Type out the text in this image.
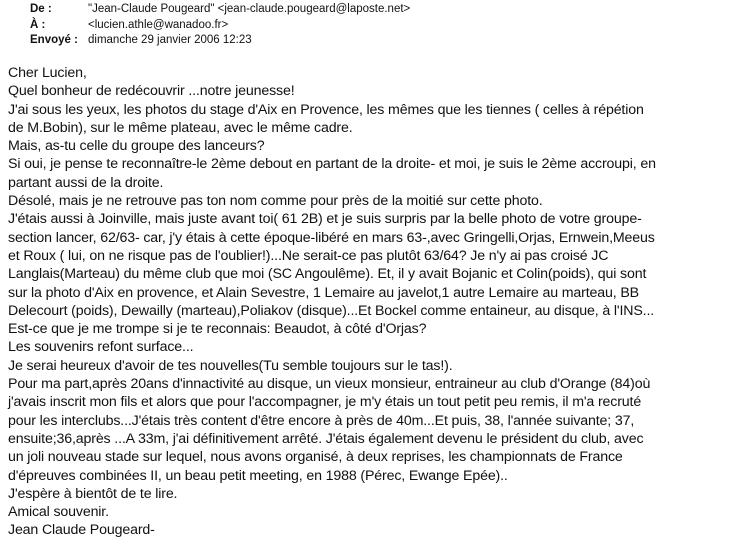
De :	"Jean-Claude Pougeard" <jean-claude.pougeard@laposte.net>
À :	<lucien.athle@wanadoo.fr>
Envoyé : dimanche 29 janvier 2006 12:23
Cher Lucien,
Quel bonheur de redécouvrir ...notre jeunesse!
J'ai sous les yeux, les photos du stage d'Aix en Provence, les mêmes que les tiennes ( celles à répétion
de M.Bobin), sur le même plateau, avec le même cadre.
Mais, as-tu celle du groupe des lanceurs?
Si oui, je pense te reconnaître-le 2ème debout en partant de la droite- et moi, je suis le 2ème accroupi, en
partant aussi de la droite.
Désolé, mais je ne retrouve pas ton nom comme pour près de la moitié sur cette photo.
J'étais aussi à Joinville, mais juste avant toi( 61 2B) et je suis surpris par la belle photo de votre groupe-
section lancer, 62/63- car, j'y étais à cette époque-libéré en mars 63-,avec Gringelli,Orjas, Ernwein,Meeus
et Roux ( lui, on ne risque pas de l'oublier!)...Ne serait-ce pas plutôt 63/64? Je n'y ai pas croisé JC
Langlais(Marteau) du même club que moi (SC Angoulême). Et, il y avait Bojanic et Colin(poids), qui sont
sur la photo d'Aix en provence, et Alain Sevestre, 1 Lemaire au javelot,1 autre Lemaire au marteau, BB
Delecourt (poids), Dewailly (marteau),Poliakov (disque)...Et Bockel comme entaineur, au disque, à l'INS...
Est-ce que je me trompe si je te reconnais: Beaudot, à côté d'Orjas?
Les souvenirs refont surface...
Je serai heureux d'avoir de tes nouvelles(Tu semble toujours sur le tas!).
Pour ma part,après 20ans d'innactivité au disque, un vieux monsieur, entraineur au club d'Orange (84)où
j'avais inscrit mon fils et alors que pour l'accompagner, je m'y étais un tout petit peu remis, il m'a recruté
pour les interclubs...J'étais très content d'être encore à près de 40m...Et puis, 38, l'année suivante; 37,
ensuite;36,après ...A 33m, j'ai définitivement arrêté. J'étais également devenu le président du club, avec
un joli nouveau stade sur lequel, nous avons organisé, à deux reprises, les championnats de France
d'épreuves combinées II, un beau petit meeting, en 1988 (Pérec, Ewange Epée)..
J'espère à bientôt de te lire.
Amical souvenir.
Jean Claude Pougeard-
